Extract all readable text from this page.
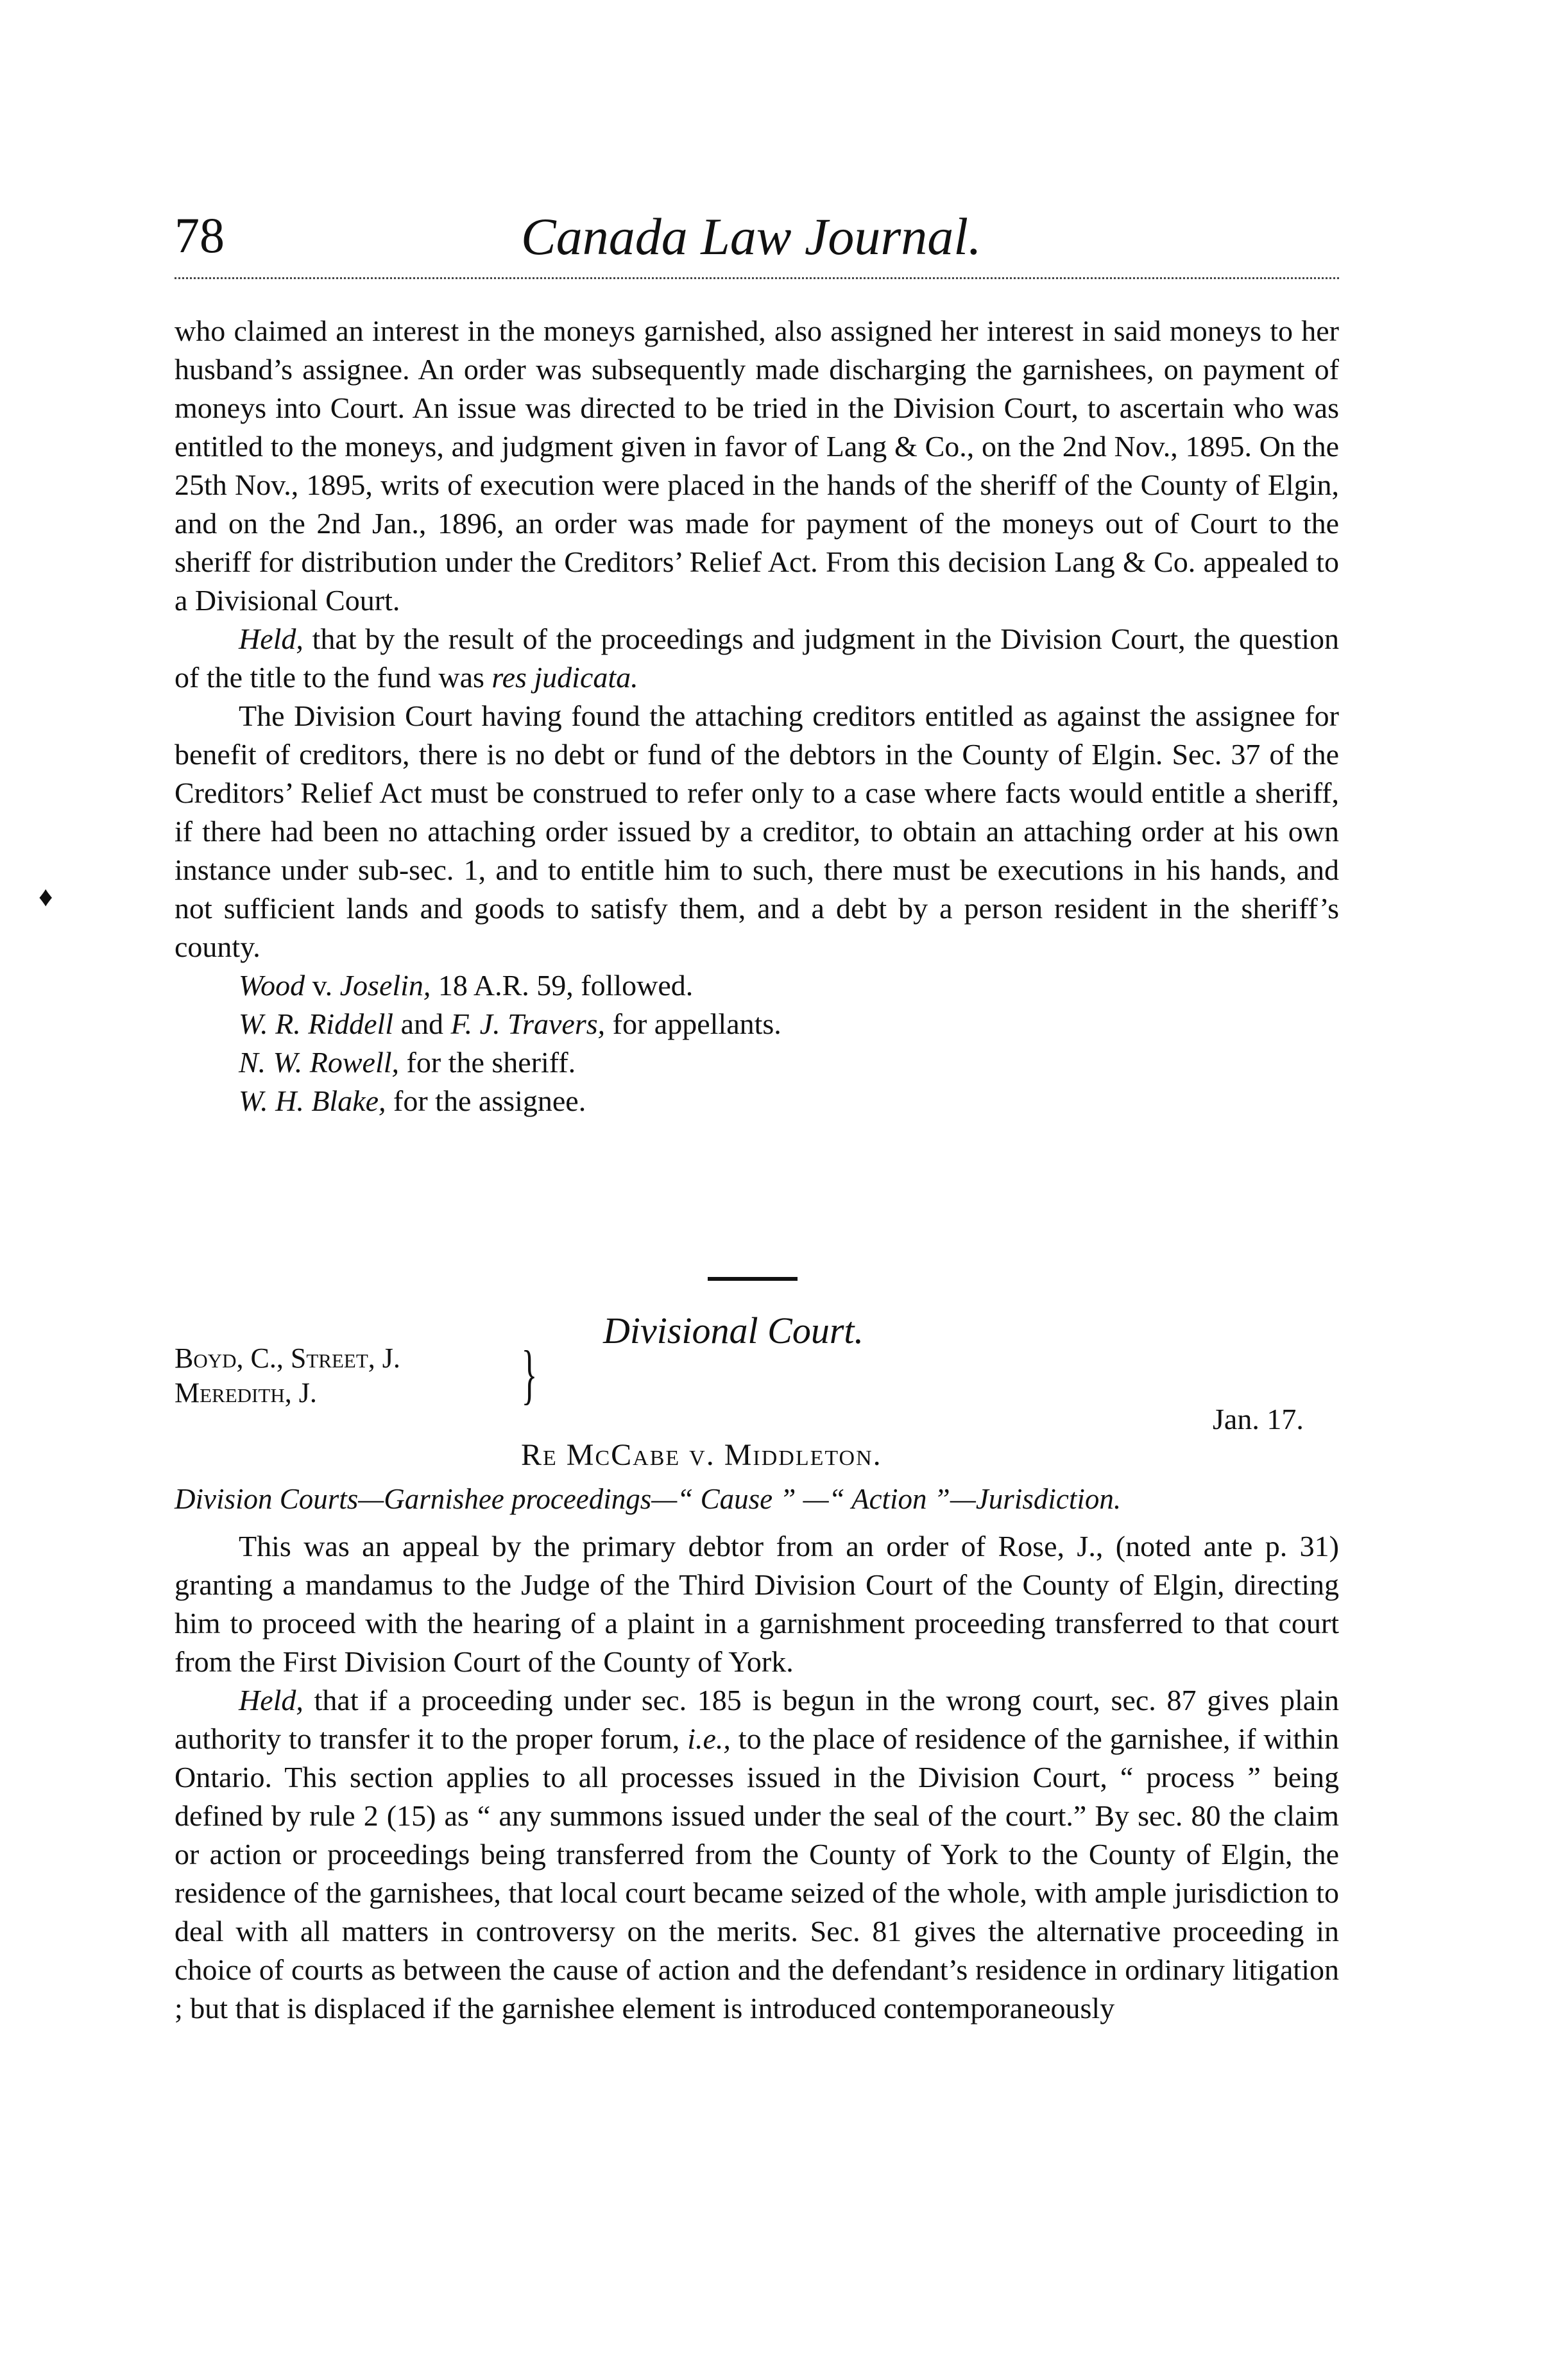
78	Canada Law Journal.
♦

who claimed an interest in the moneys garnished, also assigned her interest in said moneys to her husband’s assignee. An order was subsequently made discharging the garnishees, on payment of moneys into Court. An issue was directed to be tried in the Division Court, to ascertain who was entitled to the moneys, and judgment given in favor of Lang & Co., on the 2nd Nov., 1895. On the 25th Nov., 1895, writs of execution were placed in the hands of the sheriff of the County of Elgin, and on the 2nd Jan., 1896, an order was made for payment of the moneys out of Court to the sheriff for distribution under the Creditors’ Relief Act. From this decision Lang & Co. appealed to a Divisional Court.

Held, that by the result of the proceedings and judgment in the Division Court, the question of the title to the fund was res judicata.

The Division Court having found the attaching creditors entitled as against the assignee for benefit of creditors, there is no debt or fund of the debtors in the County of Elgin. Sec. 37 of the Creditors’ Relief Act must be construed to refer only to a case where facts would entitle a sheriff, if there had been no attaching order issued by a creditor, to obtain an attaching order at his own instance under sub-sec. 1, and to entitle him to such, there must be executions in his hands, and not sufficient lands and goods to satisfy them, and a debt by a person resident in the sheriff’s county.

Wood v. Joselin, 18 A.R. 59, followed.

W. R. Riddell and F. J. Travers, for appellants.

N. W. Rowell, for the sheriff.

W. H. Blake, for the assignee.

Divisional Court.
Boyd, C., Street, J.
Meredith, J.	}
Jan. 17.
Re McCabe v. Middleton.
Division Courts—Garnishee proceedings—“ Cause ” —“ Action ”—Jurisdiction.

This was an appeal by the primary debtor from an order of Rose, J., (noted ante p. 31) granting a mandamus to the Judge of the Third Division Court of the County of Elgin, directing him to proceed with the hearing of a plaint in a garnishment proceeding transferred to that court from the First Division Court of the County of York.

Held, that if a proceeding under sec. 185 is begun in the wrong court, sec. 87 gives plain authority to transfer it to the proper forum, i.e., to the place of residence of the garnishee, if within Ontario. This section applies to all processes issued in the Division Court, “ process ” being defined by rule 2 (15) as “ any summons issued under the seal of the court.” By sec. 80 the claim or action or proceedings being transferred from the County of York to the County of Elgin, the residence of the garnishees, that local court became seized of the whole, with ample jurisdiction to deal with all matters in controversy on the merits. Sec. 81 gives the alternative proceeding in choice of courts as between the cause of action and the defendant’s residence in ordinary litigation ; but that is displaced if the garnishee element is introduced contemporaneously
